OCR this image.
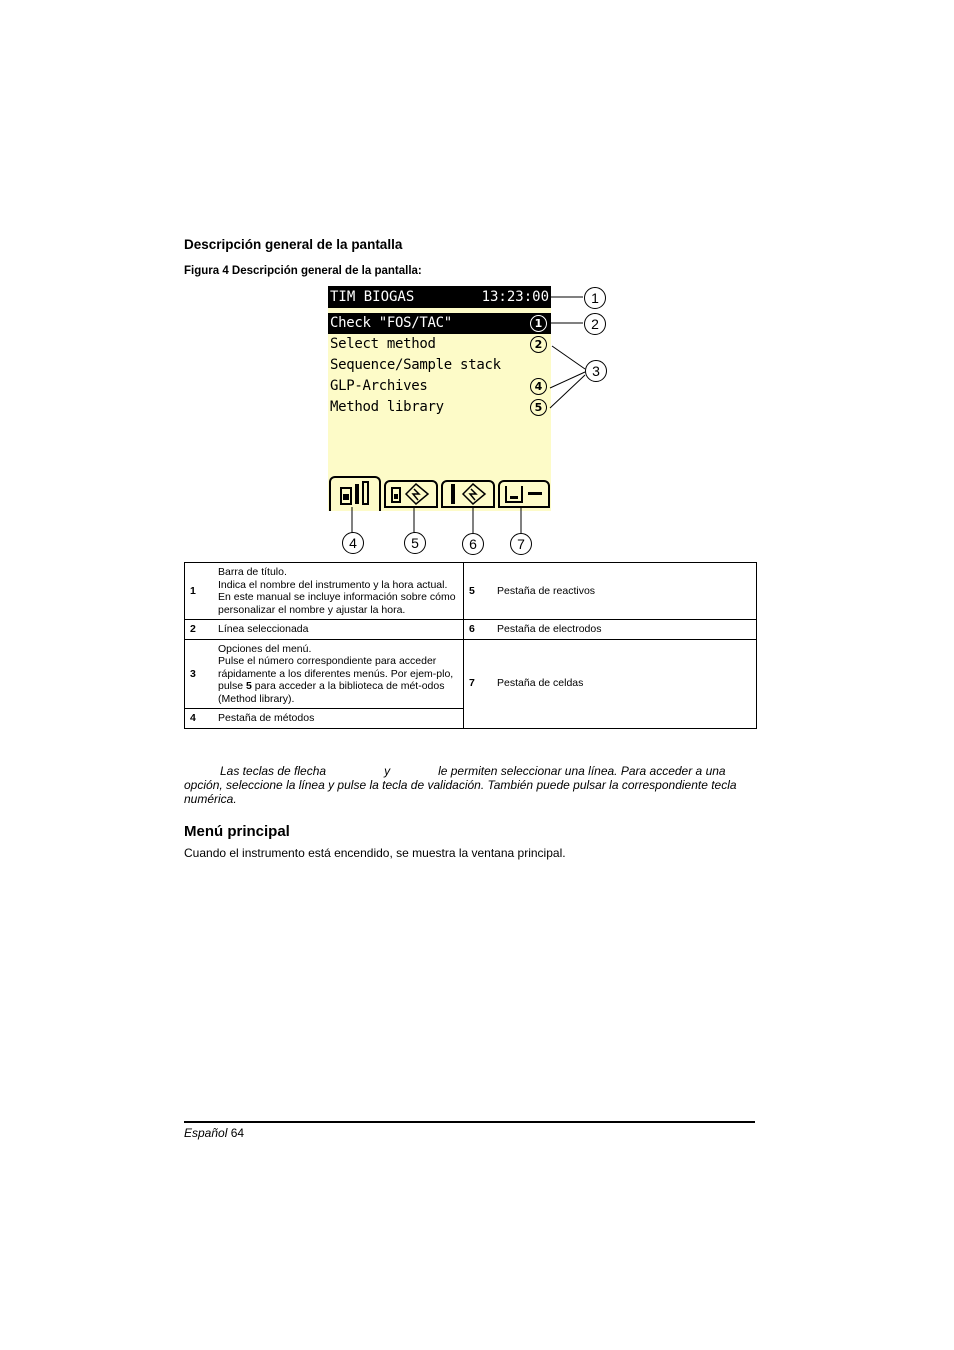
Descripción general de la pantalla
Figura 4 Descripción general de la pantalla:
TIM BIOGAS	13:23:00
Check "FOS/TAC"	1
Select method	2
Sequence/Sample stack
GLP-Archives	4
Method library	5
1
2
3
4	5	6	7
1	Barra de título.
Indica el nombre del instrumento y la hora actual. En este manual se incluye información sobre cómo personalizar el nombre y ajustar la hora.	5	Pestaña de reactivos
2	Línea seleccionada	6	Pestaña de electrodos
3	Opciones del menú.
Pulse el número correspondiente para acceder rápidamente a los diferentes menús. Por ejem-plo, pulse 5 para acceder a la biblioteca de mét-odos (Method library).	7	Pestaña de celdas
4	Pestaña de métodos		
Las teclas de flecha	y	le permiten seleccionar una línea. Para acceder a una opción, seleccione la línea y pulse la tecla de validación. También puede pulsar la correspondiente tecla numérica.
Menú principal
Cuando el instrumento está encendido, se muestra la ventana principal.
Español 64
